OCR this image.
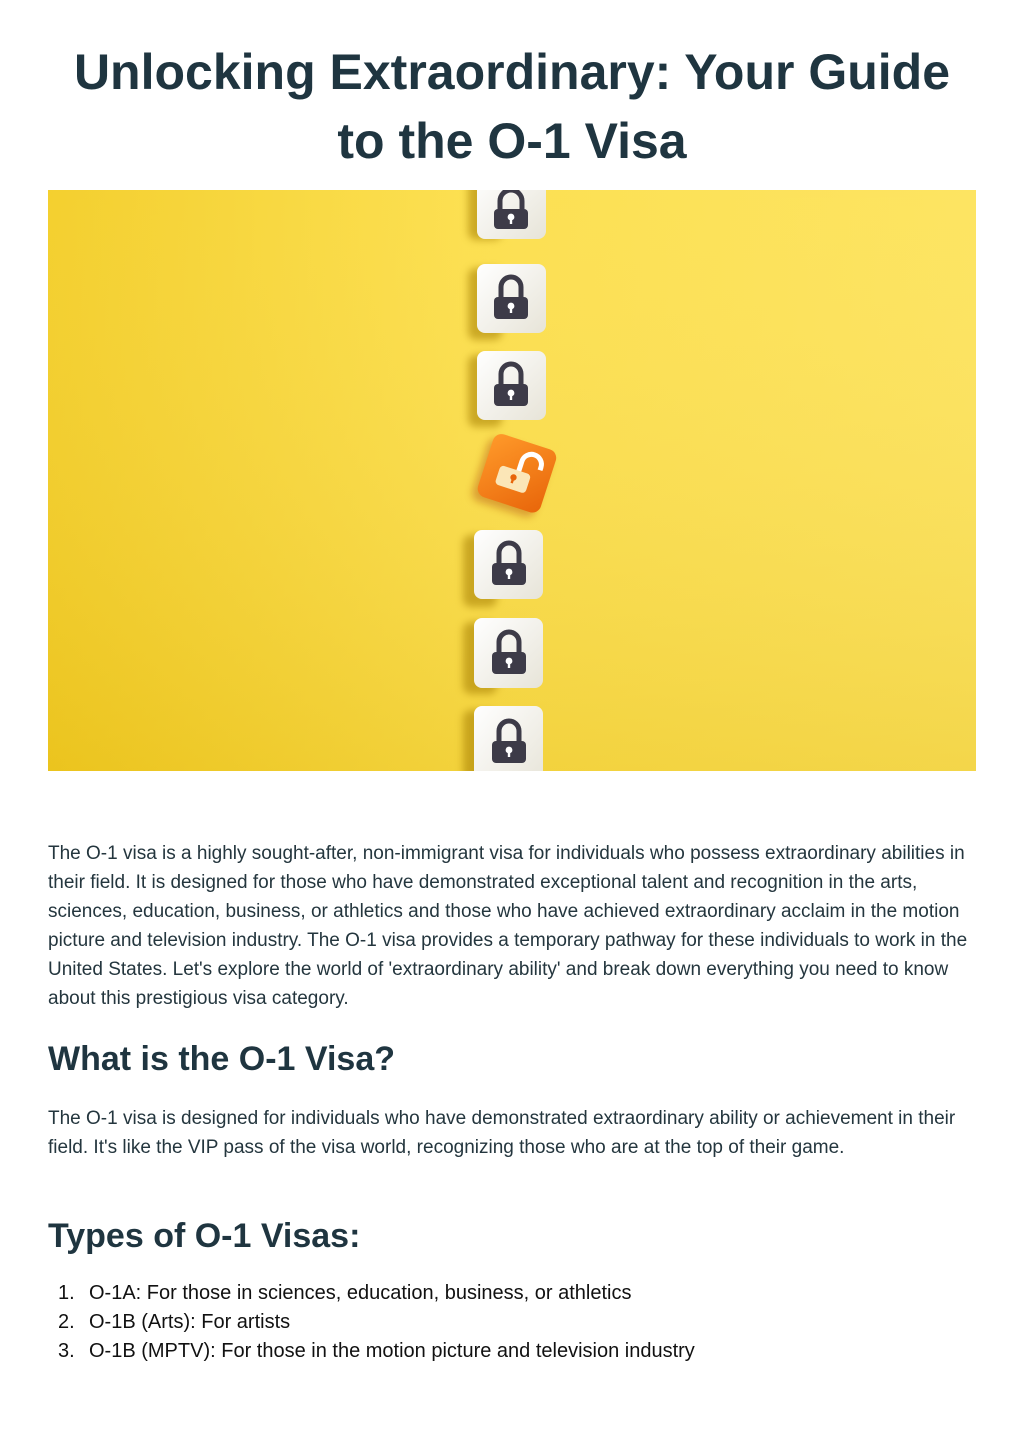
Unlocking Extraordinary: Your Guide to the O-1 Visa

The O-1 visa is a highly sought-after, non-immigrant visa for individuals who possess extraordinary abilities in their field. It is designed for those who have demonstrated exceptional talent and recognition in the arts, sciences, education, business, or athletics and those who have achieved extraordinary acclaim in the motion picture and television industry. The O-1 visa provides a temporary pathway for these individuals to work in the United States. Let's explore the world of 'extraordinary ability' and break down everything you need to know about this prestigious visa category.

What is the O-1 Visa?

The O-1 visa is designed for individuals who have demonstrated extraordinary ability or achievement in their field. It's like the VIP pass of the visa world, recognizing those who are at the top of their game.

Types of O-1 Visas:
1. O-1A: For those in sciences, education, business, or athletics
2. O-1B (Arts): For artists
3. O-1B (MPTV): For those in the motion picture and television industry
